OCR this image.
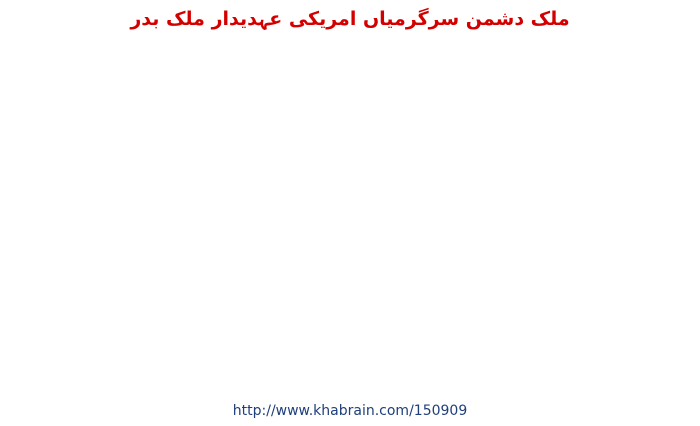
ملک دشمن سرگرمیاں امریکی عہدیدار ملک بدر
http://www.khabrain.com/150909
